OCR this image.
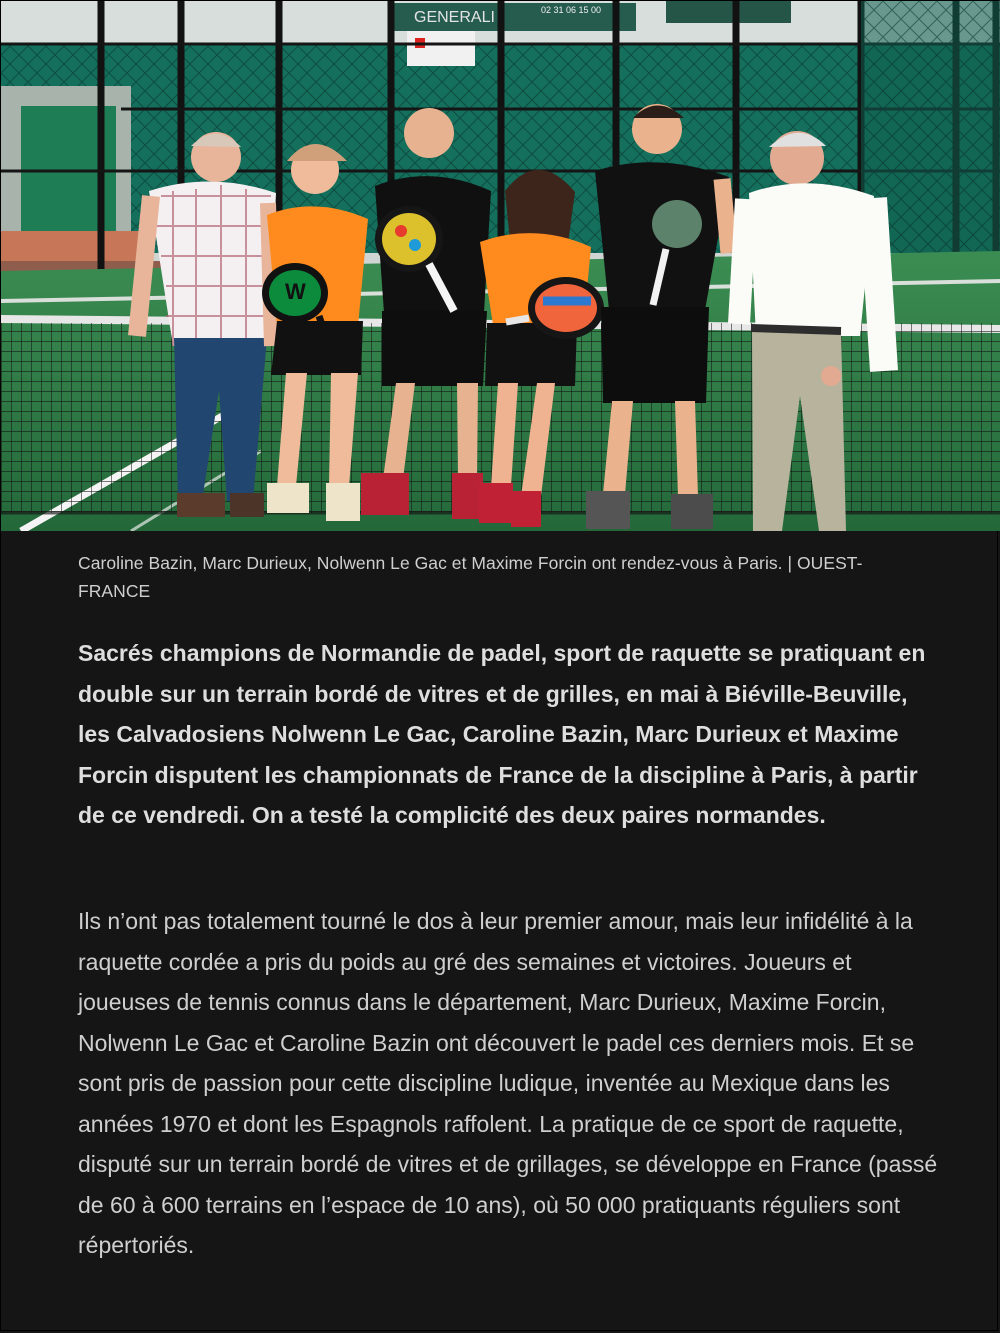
GENERALI	02 31 06 15 00
W
Caroline Bazin, Marc Durieux, Nolwenn Le Gac et Maxime Forcin ont rendez-vous à Paris. | OUEST-FRANCE
Sacrés champions de Normandie de padel, sport de raquette se pratiquant en double sur un terrain bordé de vitres et de grilles, en mai à Biéville-Beuville, les Calvadosiens Nolwenn Le Gac, Caroline Bazin, Marc Durieux et Maxime Forcin disputent les championnats de France de la discipline à Paris, à partir de ce vendredi. On a testé la complicité des deux paires normandes.
Ils n’ont pas totalement tourné le dos à leur premier amour, mais leur infidélité à la raquette cordée a pris du poids au gré des semaines et victoires. Joueurs et joueuses de tennis connus dans le département, Marc Durieux, Maxime Forcin, Nolwenn Le Gac et Caroline Bazin ont découvert le padel ces derniers mois. Et se sont pris de passion pour cette discipline ludique, inventée au Mexique dans les années 1970 et dont les Espagnols raffolent. La pratique de ce sport de raquette, disputé sur un terrain bordé de vitres et de grillages, se développe en France (passé de 60 à 600 terrains en l’espace de 10 ans), où 50 000 pratiquants réguliers sont répertoriés.
